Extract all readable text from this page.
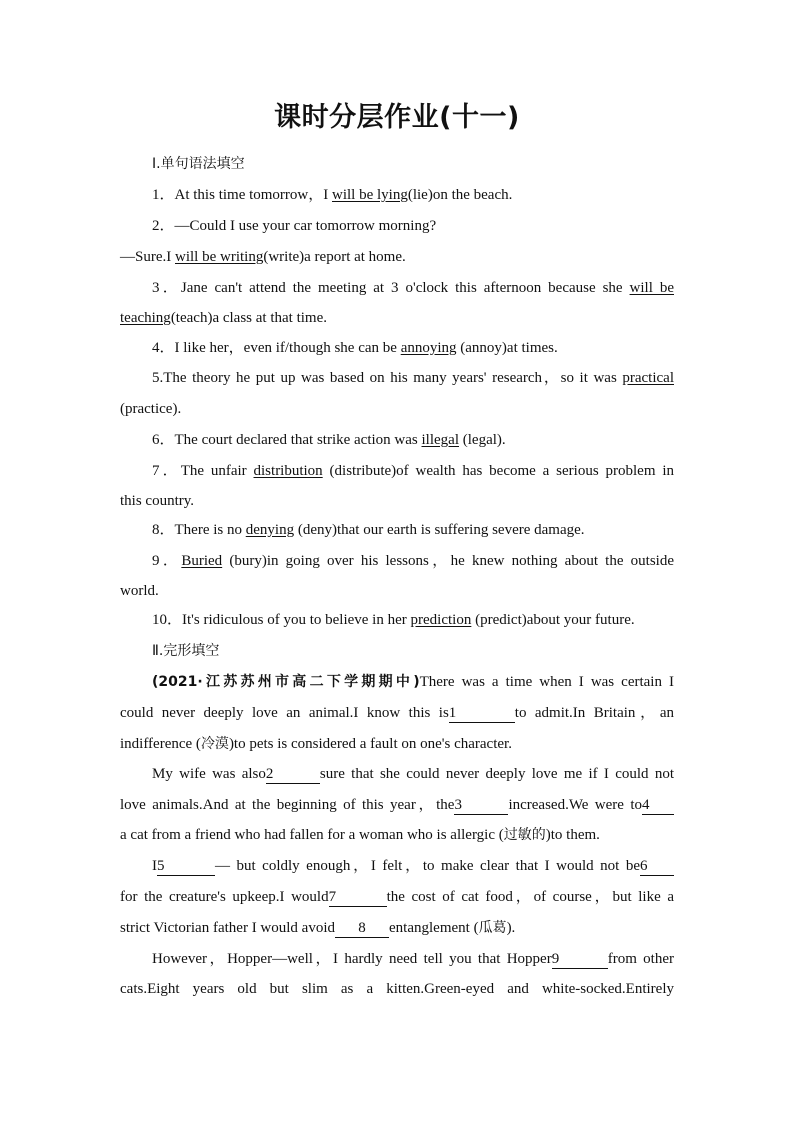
课时分层作业(十一)
Ⅰ.单句语法填空
1．At this time tomorrow，I will be lying(lie)on the beach.
2．—Could I use your car tomorrow morning?
—Sure.I will be writing(write)a report at home.
3．Jane can't attend the meeting at 3 o'clock this afternoon because she will be
teaching(teach)a class at that time.
4．I like her，even if/though she can be annoying (annoy)at times.
5.The theory he put up was based on his many years' research，so it was practical
(practice).
6．The court declared that strike action was illegal (legal).
7．The unfair distribution (distribute)of wealth has become a serious problem in
this country.
8．There is no denying (deny)that our earth is suffering severe damage.
9．Buried (bury)in going over his lessons，he knew nothing about the outside
world.
10．It's ridiculous of you to believe in her prediction (predict)about your future.
Ⅱ.完形填空
(2021·江苏苏州市高二下学期期中)There was a time when I was certain I
could never deeply love an animal.I know this is1	to admit.In Britain，an
indifference (冷漠)to pets is considered a fault on one's character.
My wife was also2	sure that she could never deeply love me if I could not
love animals.And at the beginning of this year，the3	increased.We were to4
a cat from a friend who had fallen for a woman who is allergic (过敏的)to them.
I5	— but coldly enough，I felt，to make clear that I would not be6
for the creature's upkeep.I would7	the cost of cat food，of course，but like a
strict Victorian father I would avoid 8 entanglement (瓜葛).
However，Hopper—well，I hardly need tell you that Hopper9	from other
cats.Eight years old but slim as a kitten.Green-eyed and white-socked.Entirely
